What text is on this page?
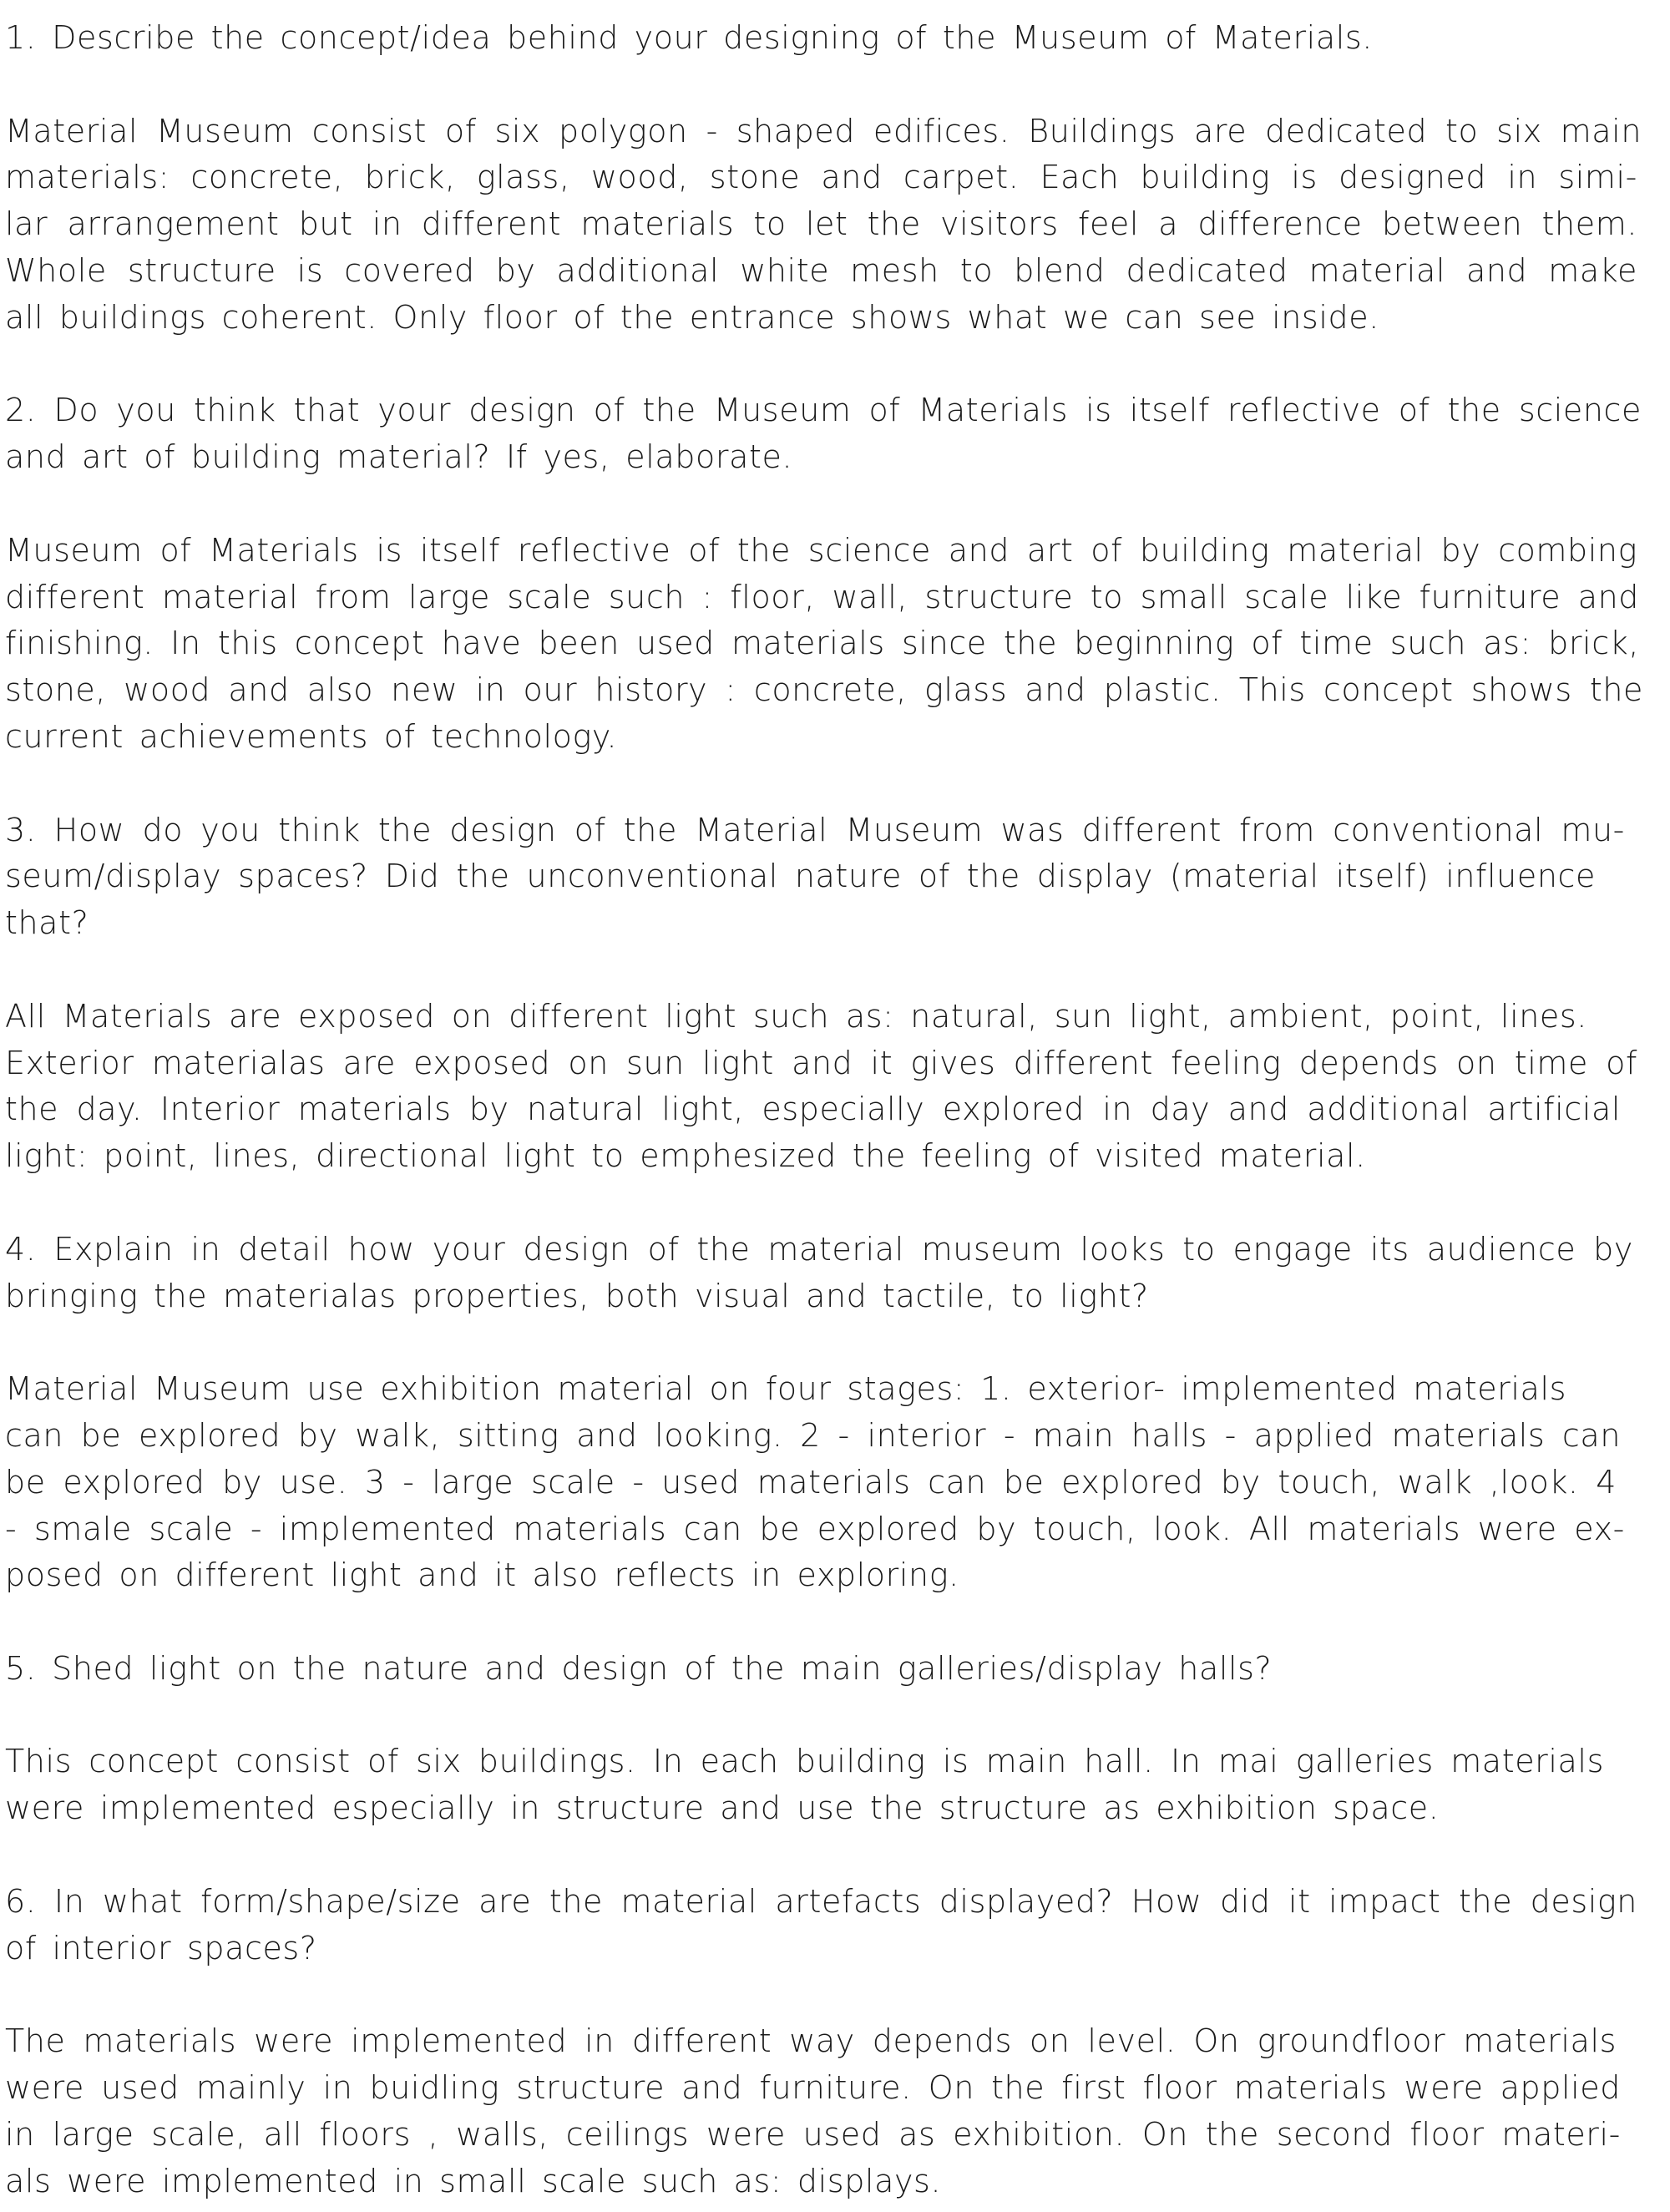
1. Describe the concept/idea behind your designing of the Museum of Materials.
Material Museum consist of six polygon - shaped edifices. Buildings are dedicated to six main
materials: concrete, brick, glass, wood, stone and carpet. Each building is designed in simi-
lar arrangement but in different materials to let the visitors feel a difference between them.
Whole structure is covered by additional white mesh to blend dedicated material and make
all buildings coherent. Only floor of the entrance shows what we can see inside.
2. Do you think that your design of the Museum of Materials is itself reflective of the science
and art of building material? If yes, elaborate.
Museum of Materials is itself reflective of the science and art of building material by combing
different material from large scale such : floor, wall, structure to small scale like furniture and
finishing. In this concept have been used materials since the beginning of time such as: brick,
stone, wood and also new in our history : concrete, glass and plastic. This concept shows the
current achievements of technology.
3. How do you think the design of the Material Museum was different from conventional mu-
seum/display spaces? Did the unconventional nature of the display (material itself) influence
that?
All Materials are exposed on different light such as: natural, sun light, ambient, point, lines.
Exterior materialas are exposed on sun light and it gives different feeling depends on time of
the day. Interior materials by natural light, especially explored in day and additional artificial
light: point, lines, directional light to emphesized the feeling of visited material.
4. Explain in detail how your design of the material museum looks to engage its audience by
bringing the materialas properties, both visual and tactile, to light?
Material Museum use exhibition material on four stages: 1. exterior- implemented materials
can be explored by walk, sitting and looking. 2 - interior - main halls - applied materials can
be explored by use. 3 - large scale - used materials can be explored by touch, walk ,look. 4
- smale scale - implemented materials can be explored by touch, look. All materials were ex-
posed on different light and it also reflects in exploring.
5. Shed light on the nature and design of the main galleries/display halls?
This concept consist of six buildings. In each building is main hall. In mai galleries materials
were implemented especially in structure and use the structure as exhibition space.
6. In what form/shape/size are the material artefacts displayed? How did it impact the design
of interior spaces?
The materials were implemented in different way depends on level. On groundfloor materials
were used mainly in buidling structure and furniture. On the first floor materials were applied
in large scale, all floors , walls, ceilings were used as exhibition. On the second floor materi-
als were implemented in small scale such as: displays.
